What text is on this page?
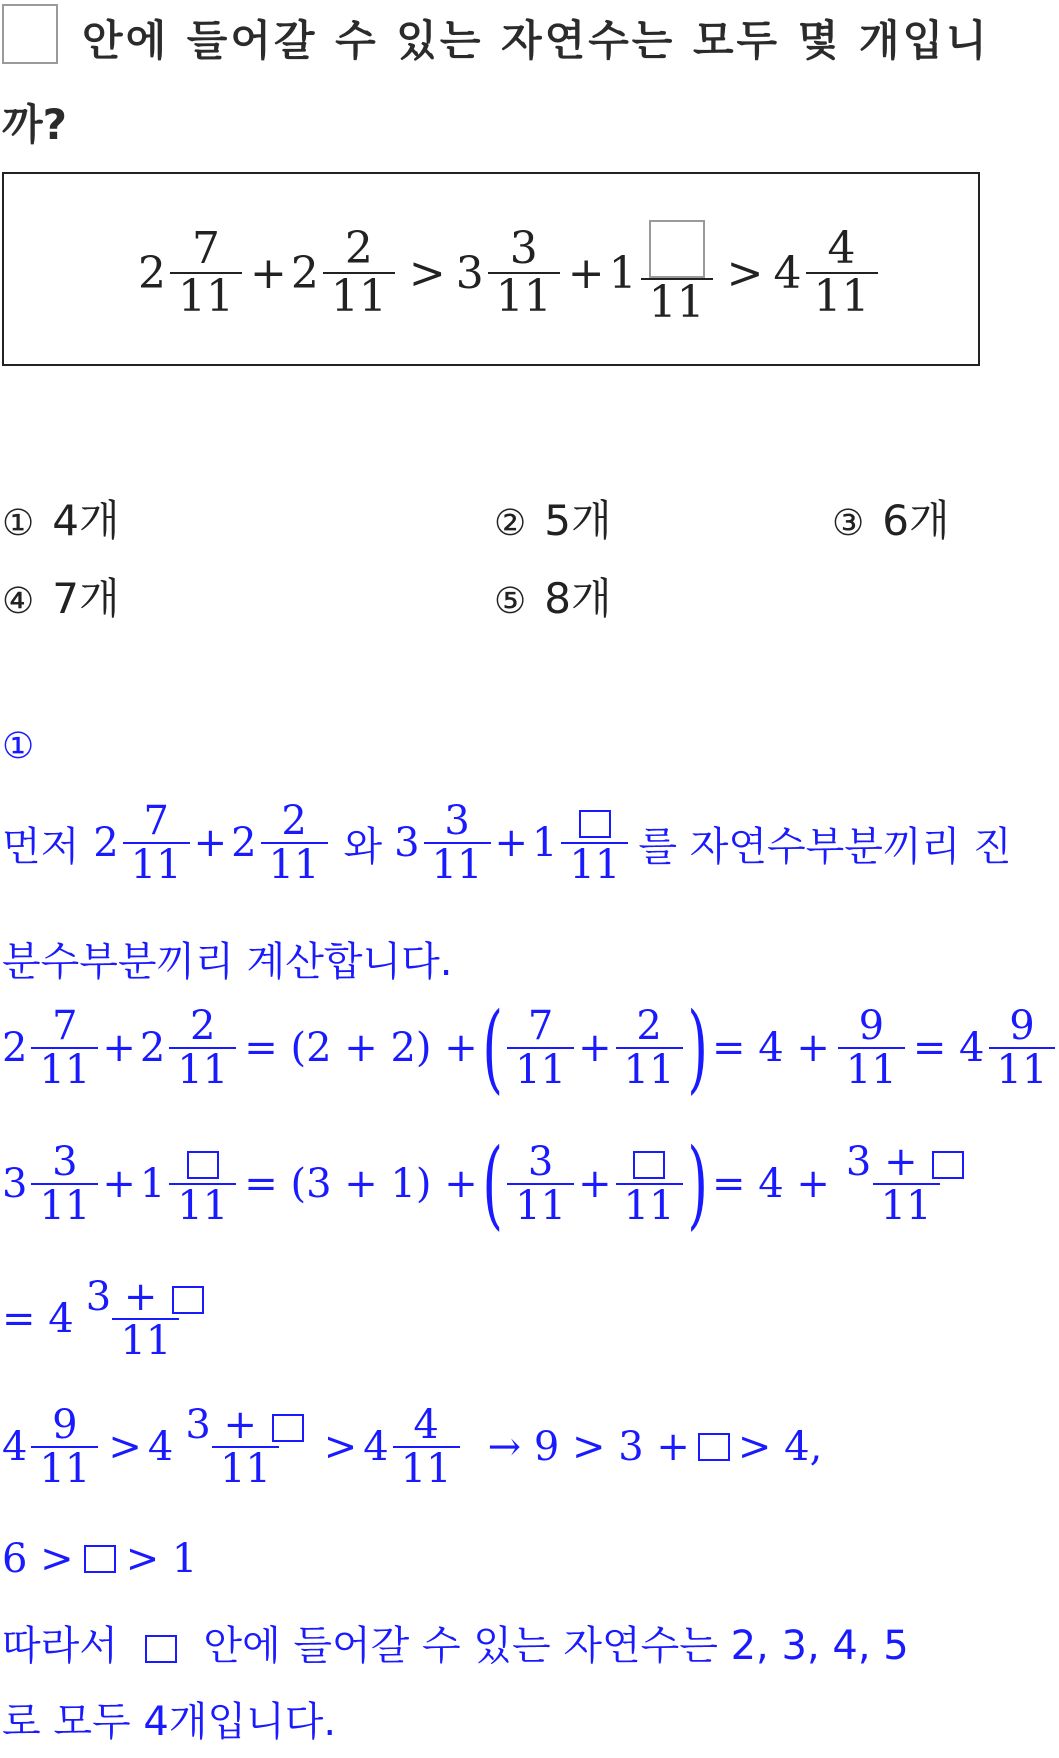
안에 들어갈 수 있는 자연수는 모두 몇 개입니
까?
$2 \frac{7}{11} + 2 \frac{2}{11} > 3 \frac{3}{11} + 1$
11
> $4 \frac{4}{11}$
① 4개	② 5개	③ 6개
④ 7개	⑤ 8개
①
먼저 $2 \frac{7}{11} + 2 \frac{2}{11}$ 와 $3 \frac{3}{11} + 1$ 11 를 자연수부분끼리 진
분수부분끼리 계산합니다.
$2 \frac{7}{11} + 2 \frac{2}{11} = (2 + 2)$ + ( $\frac{7}{11} + \frac{2}{11}$ ) = $4 + \frac{9}{11} = 4 \frac{9}{11}$
$3 \frac{3}{11} + 1$ 11 = (3 + 1) + ( $\frac{3}{11} + 11$ ) = $4 + \frac{3 +}{11}$
= $4 \frac{3 +}{11}$
$4 \frac{9}{11} > 4 \frac{3 +}{11} > 4 \frac{4}{11} \to 9 > 3$ + > 4,
6 > > 1
따라서 안에 들어갈 수 있는 자연수는 2, 3, 4, 5
로 모두 4개입니다.
